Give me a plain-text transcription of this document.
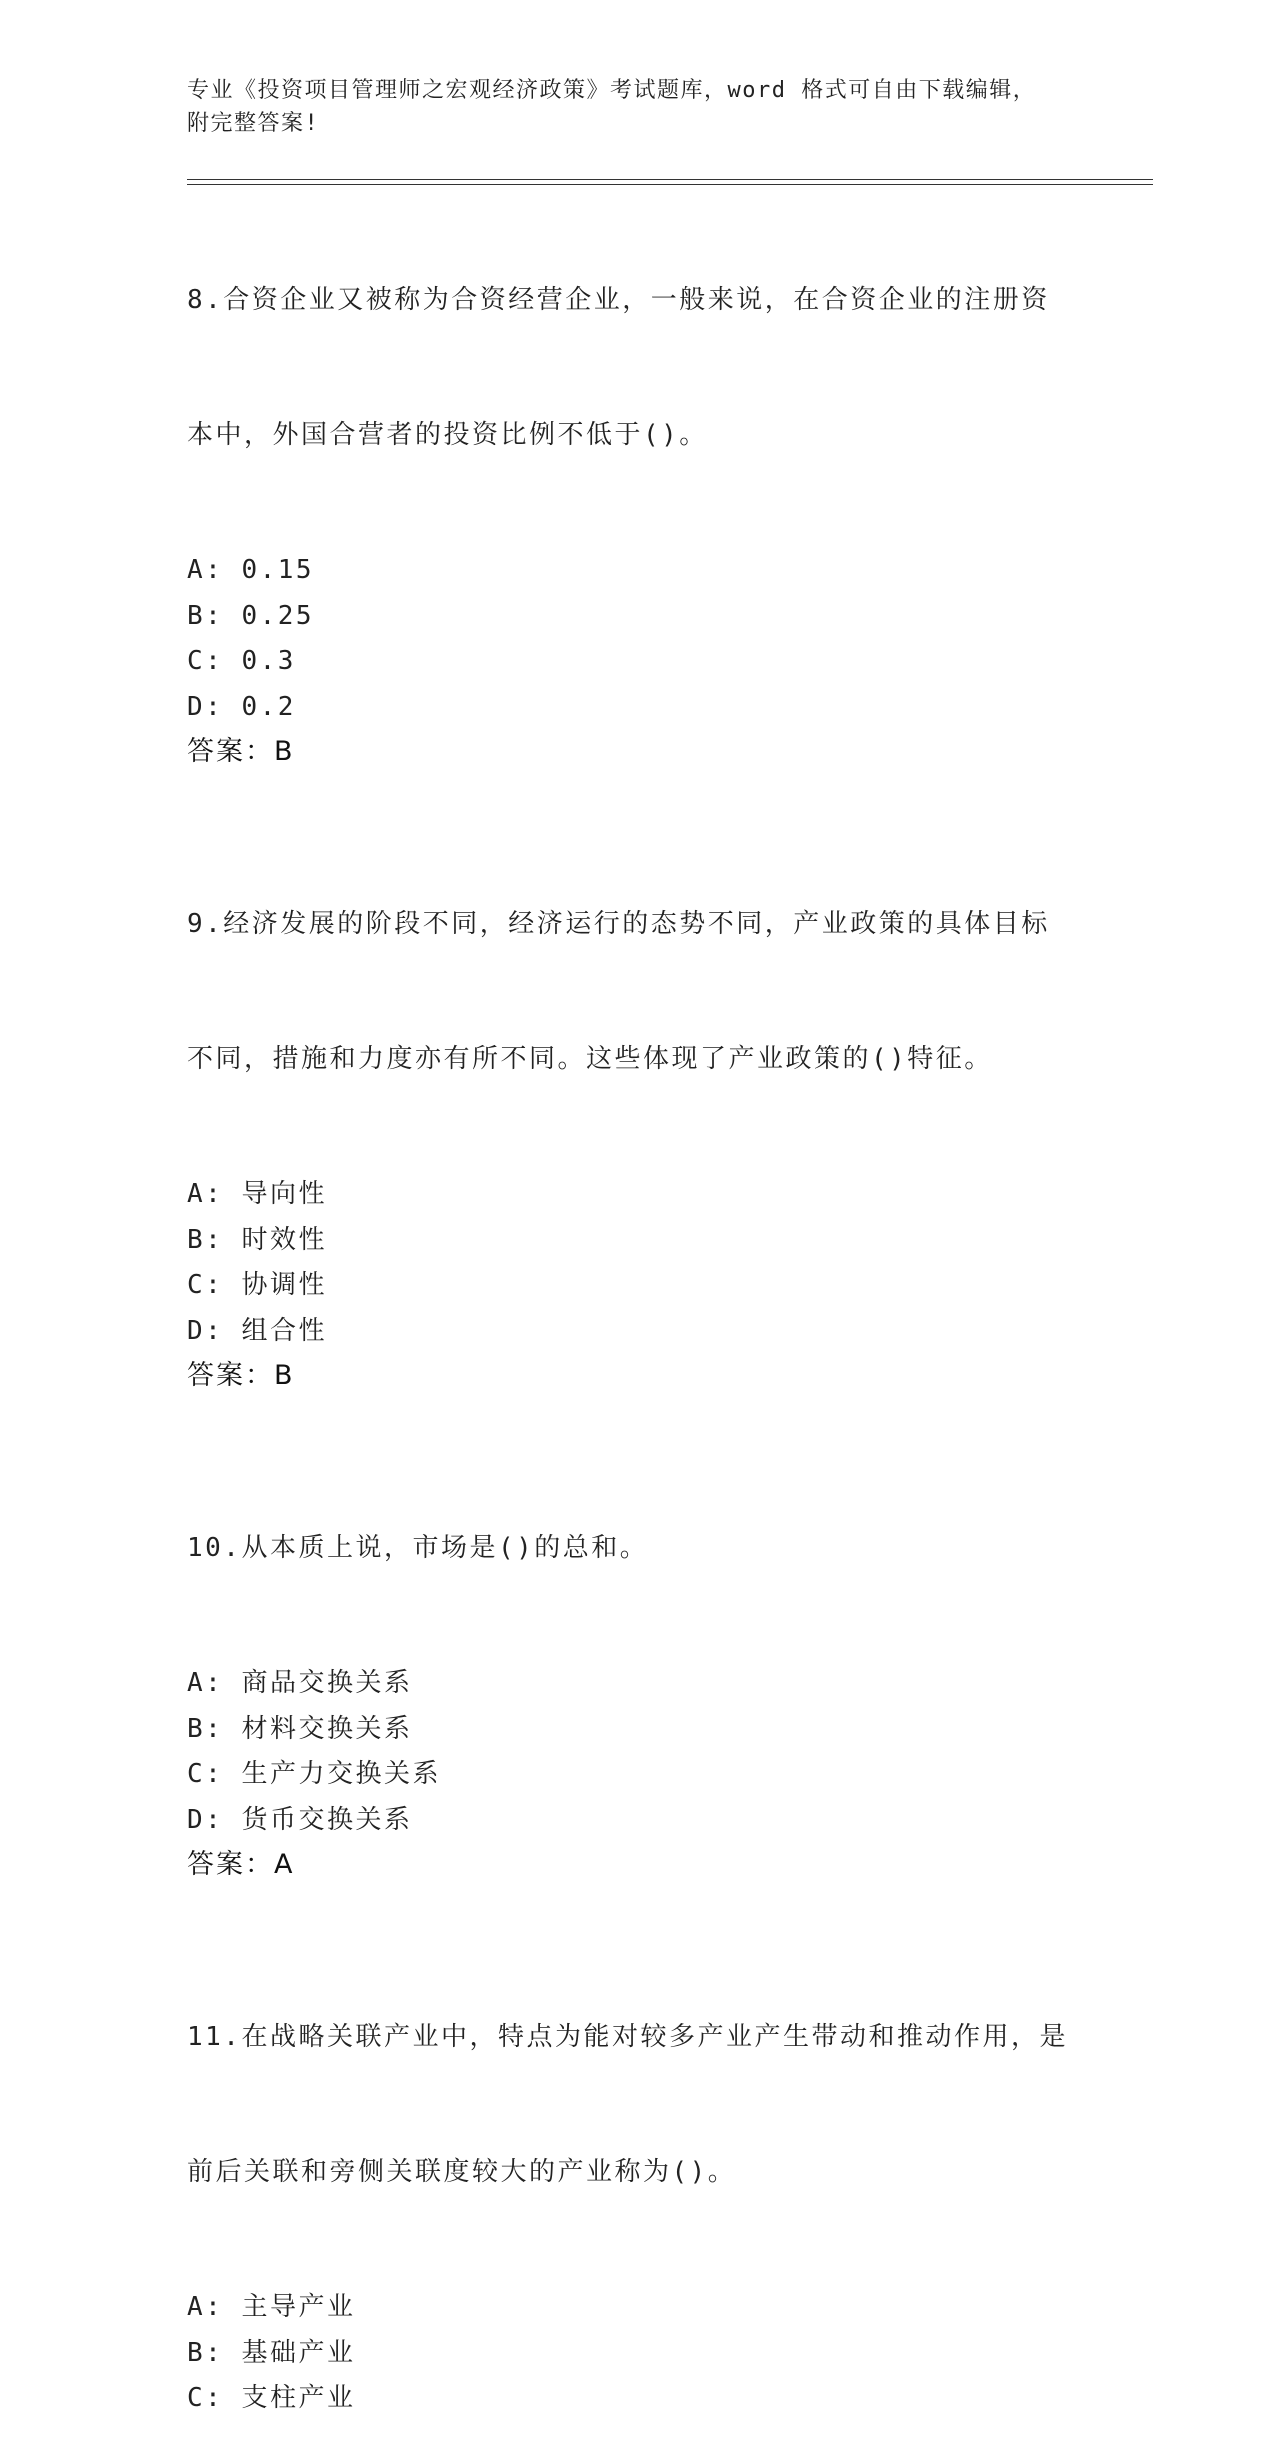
专业《投资项目管理师之宏观经济政策》考试题库，word 格式可自由下载编辑，
附完整答案!

8.合资企业又被称为合资经营企业，一般来说，在合资企业的注册资

本中，外国合营者的投资比例不低于()。

A: 0.15
B: 0.25
C: 0.3
D: 0.2
答案：B

9.经济发展的阶段不同，经济运行的态势不同，产业政策的具体目标

不同，措施和力度亦有所不同。这些体现了产业政策的()特征。

A: 导向性
B: 时效性
C: 协调性
D: 组合性
答案：B

10.从本质上说，市场是()的总和。

A: 商品交换关系
B: 材料交换关系
C: 生产力交换关系
D: 货币交换关系
答案：A

11.在战略关联产业中，特点为能对较多产业产生带动和推动作用，是

前后关联和旁侧关联度较大的产业称为()。

A: 主导产业
B: 基础产业
C: 支柱产业
